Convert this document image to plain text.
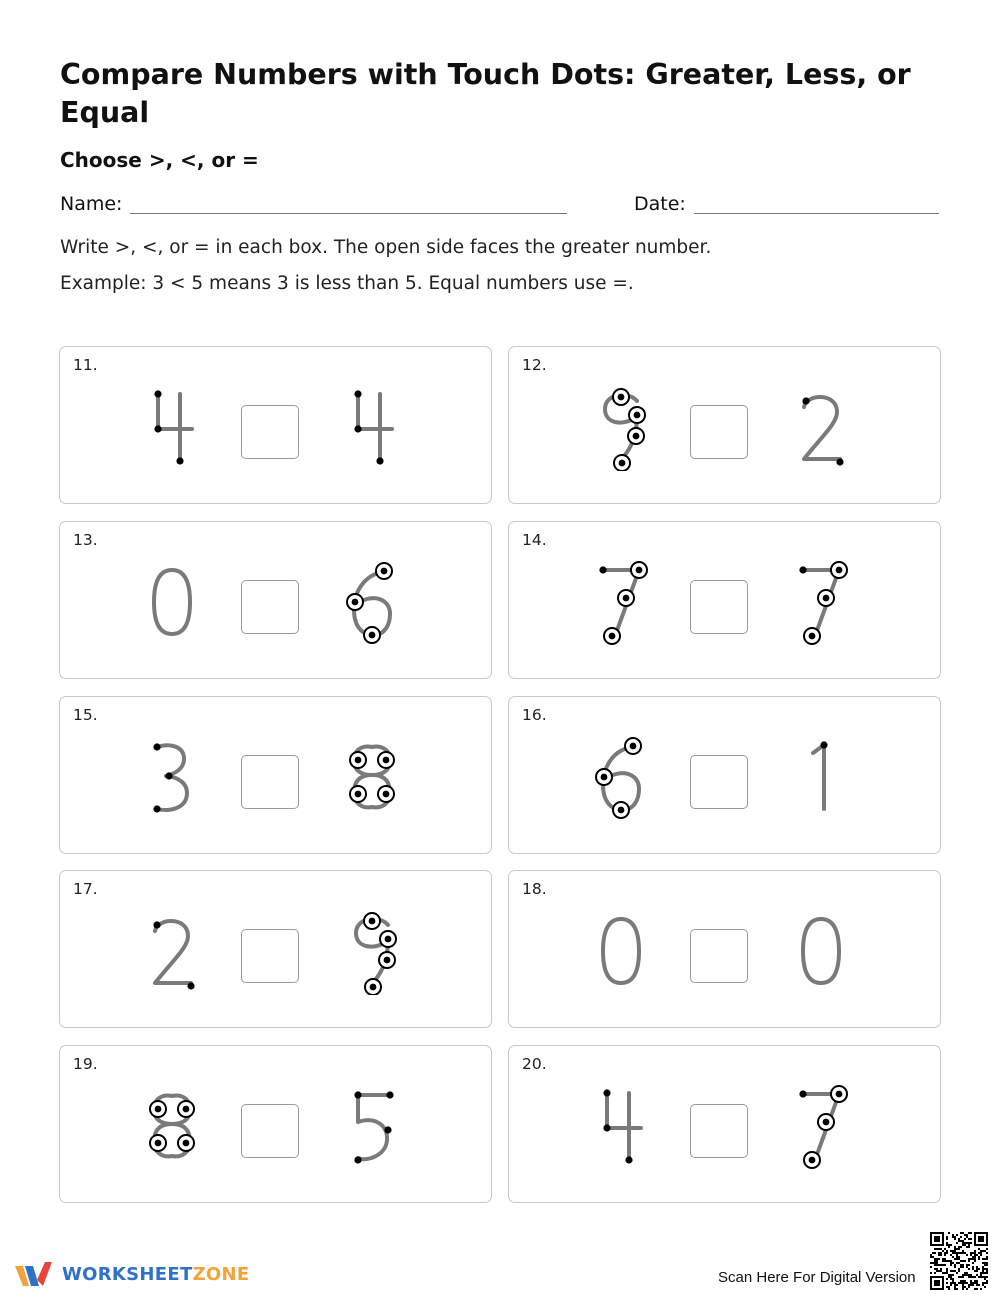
Compare Numbers with Touch Dots: Greater, Less, or Equal
Choose >, <, or =
Name:	Date:
Write >, <, or = in each box. The open side faces the greater number.
Example: 3 < 5 means 3 is less than 5. Equal numbers use =.
11.	12.
13.	14.
15.	16.
17.	18.
19.	20.
WORKSHEETZONE	Scan Here For Digital Version
